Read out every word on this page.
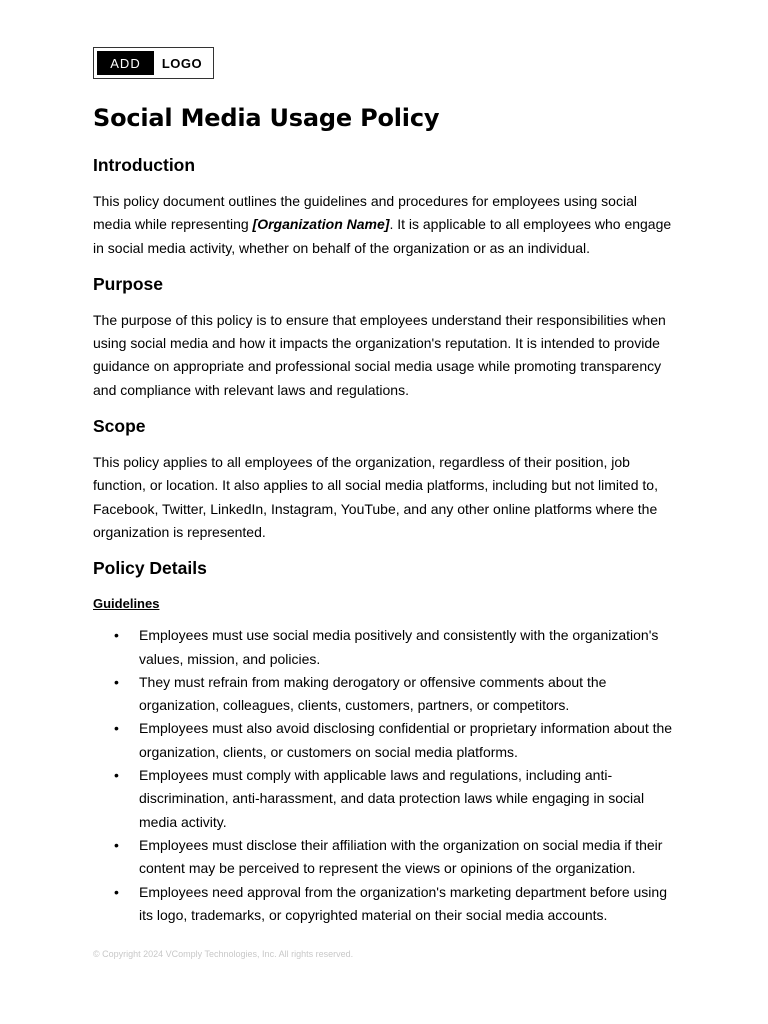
ADD	LOGO
Social Media Usage Policy
Introduction

This policy document outlines the guidelines and procedures for employees using social media while representing [Organization Name]. It is applicable to all employees who engage in social media activity, whether on behalf of the organization or as an individual.

Purpose

The purpose of this policy is to ensure that employees understand their responsibilities when using social media and how it impacts the organization's reputation. It is intended to provide guidance on appropriate and professional social media usage while promoting transparency and compliance with relevant laws and regulations.

Scope

This policy applies to all employees of the organization, regardless of their position, job function, or location. It also applies to all social media platforms, including but not limited to, Facebook, Twitter, LinkedIn, Instagram, YouTube, and any other online platforms where the organization is represented.

Policy Details
Guidelines
• Employees must use social media positively and consistently with the organization's values, mission, and policies.
• They must refrain from making derogatory or offensive comments about the organization, colleagues, clients, customers, partners, or competitors.
• Employees must also avoid disclosing confidential or proprietary information about the organization, clients, or customers on social media platforms.
• Employees must comply with applicable laws and regulations, including anti-discrimination, anti-harassment, and data protection laws while engaging in social media activity.
• Employees must disclose their affiliation with the organization on social media if their content may be perceived to represent the views or opinions of the organization.
• Employees need approval from the organization's marketing department before using its logo, trademarks, or copyrighted material on their social media accounts.
© Copyright 2024 VComply Technologies, Inc. All rights reserved.
